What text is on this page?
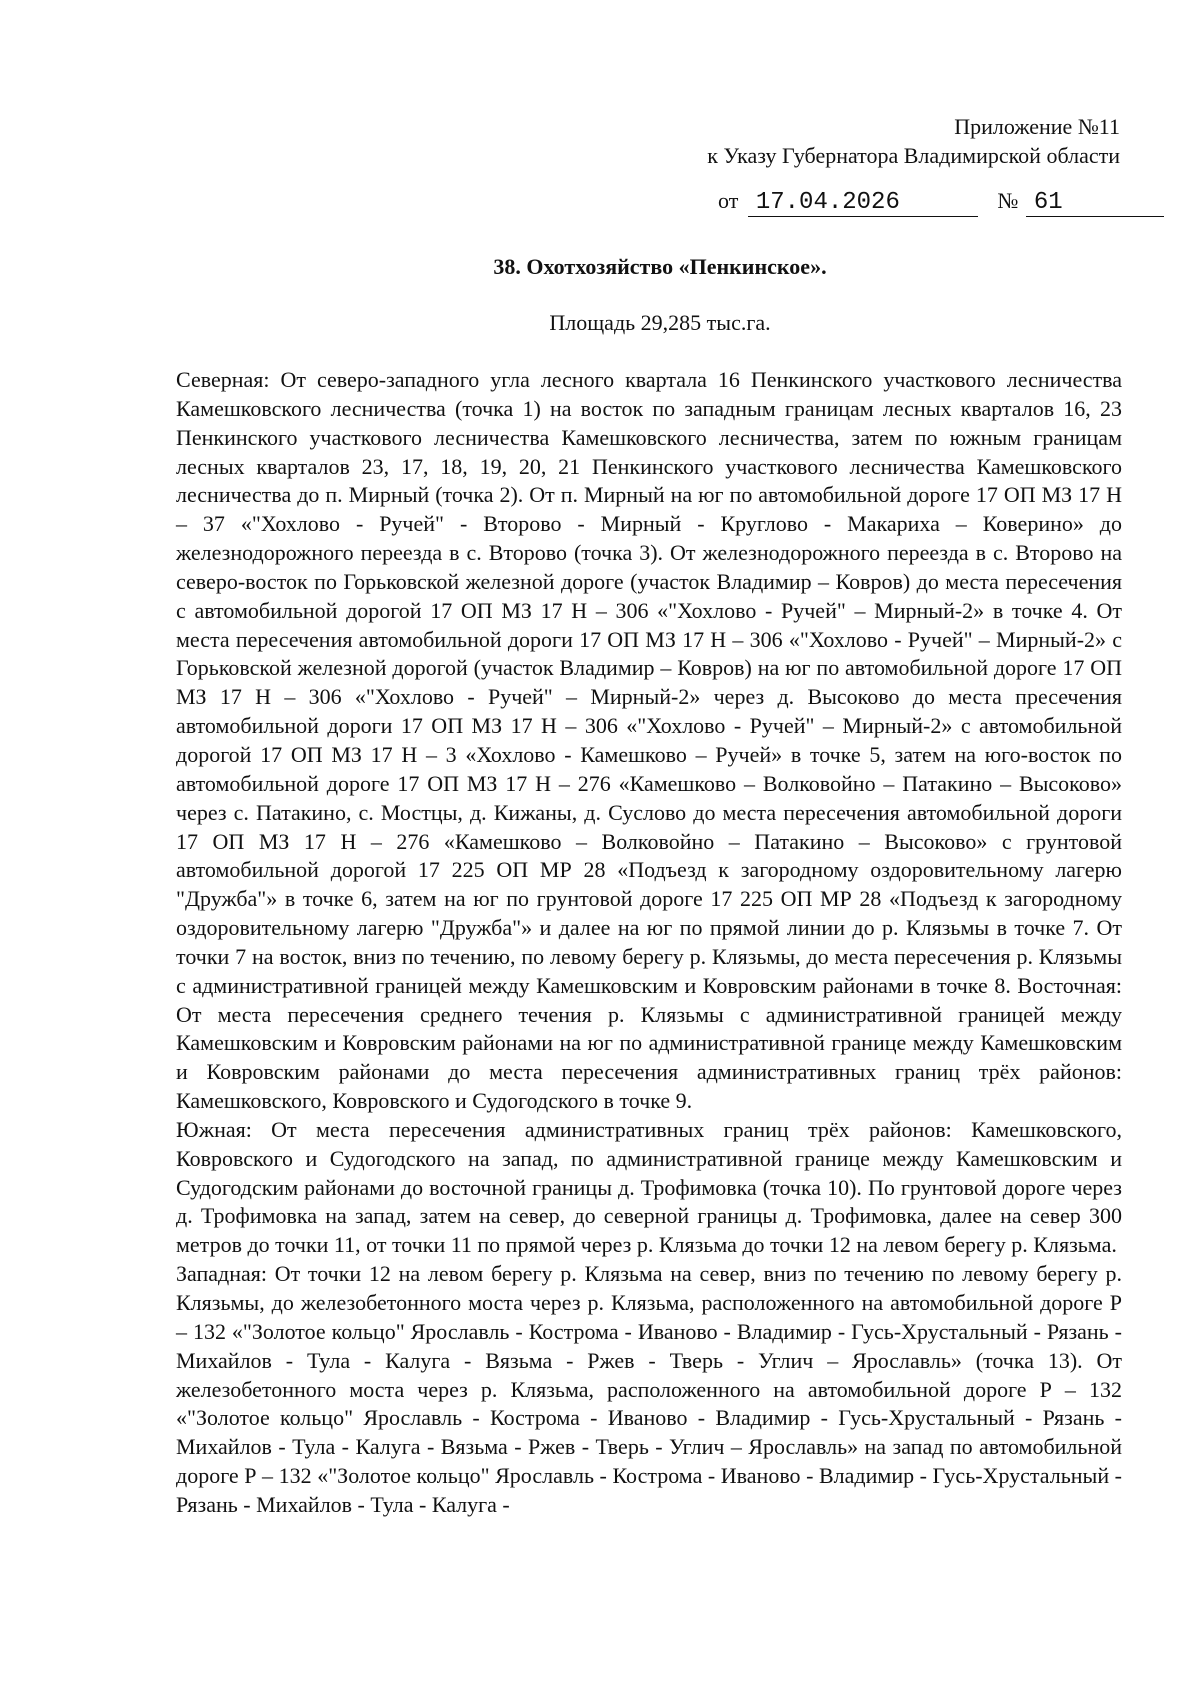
Приложение №11
к Указу Губернатора Владимирской области
от 17.04.2026	№ 61
38. Охотхозяйство «Пенкинское».
Площадь 29,285 тыс.га.

Северная: От северо-западного угла лесного квартала 16 Пенкинского участкового лесничества Камешковского лесничества (точка 1) на восток по западным границам лесных кварталов 16, 23 Пенкинского участкового лесничества Камешковского лесничества, затем по южным границам лесных кварталов 23, 17, 18, 19, 20, 21 Пенкинского участкового лесничества Камешковского лесничества до п. Мирный (точка 2). От п. Мирный на юг по автомобильной дороге 17 ОП МЗ 17 Н – 37 «"Хохлово - Ручей" - Второво - Мирный - Круглово - Макариха – Коверино» до железнодорожного переезда в с. Второво (точка 3). От железнодорожного переезда в с. Второво на северо-восток по Горьковской железной дороге (участок Владимир – Ковров) до места пересечения с автомобильной дорогой 17 ОП МЗ 17 Н – 306 «"Хохлово - Ручей" – Мирный-2» в точке 4. От места пересечения автомобильной дороги 17 ОП МЗ 17 Н – 306 «"Хохлово - Ручей" – Мирный-2» с Горьковской железной дорогой (участок Владимир – Ковров) на юг по автомобильной дороге 17 ОП МЗ 17 Н – 306 «"Хохлово - Ручей" – Мирный-2» через д. Высоково до места пресечения автомобильной дороги 17 ОП МЗ 17 Н – 306 «"Хохлово - Ручей" – Мирный-2» с автомобильной дорогой 17 ОП МЗ 17 Н – 3 «Хохлово - Камешково – Ручей» в точке 5, затем на юго-восток по автомобильной дороге 17 ОП МЗ 17 Н – 276 «Камешково – Волковойно – Патакино – Высоково» через с. Патакино, с. Мостцы, д. Кижаны, д. Суслово до места пересечения автомобильной дороги 17 ОП МЗ 17 Н – 276 «Камешково – Волковойно – Патакино – Высоково» с грунтовой автомобильной дорогой 17 225 ОП МР 28 «Подъезд к загородному оздоровительному лагерю "Дружба"» в точке 6, затем на юг по грунтовой дороге 17 225 ОП МР 28 «Подъезд к загородному оздоровительному лагерю "Дружба"» и далее на юг по прямой линии до р. Клязьмы в точке 7. От точки 7 на восток, вниз по течению, по левому берегу р. Клязьмы, до места пересечения р. Клязьмы с административной границей между Камешковским и Ковровским районами в точке 8. Восточная: От места пересечения среднего течения р. Клязьмы с административной границей между Камешковским и Ковровским районами на юг по административной границе между Камешковским и Ковровским районами до места пересечения административных границ трёх районов: Камешковского, Ковровского и Судогодского в точке 9.

Южная: От места пересечения административных границ трёх районов: Камешковского, Ковровского и Судогодского на запад, по административной границе между Камешковским и Судогодским районами до восточной границы д. Трофимовка (точка 10). По грунтовой дороге через д. Трофимовка на запад, затем на север, до северной границы д. Трофимовка, далее на север 300 метров до точки 11, от точки 11 по прямой через р. Клязьма до точки 12 на левом берегу р. Клязьма.

Западная: От точки 12 на левом берегу р. Клязьма на север, вниз по течению по левому берегу р. Клязьмы, до железобетонного моста через р. Клязьма, расположенного на автомобильной дороге Р – 132 «"Золотое кольцо" Ярославль - Кострома - Иваново - Владимир - Гусь-Хрустальный - Рязань - Михайлов - Тула - Калуга - Вязьма - Ржев - Тверь - Углич – Ярославль» (точка 13). От железобетонного моста через р. Клязьма, расположенного на автомобильной дороге Р – 132 «"Золотое кольцо" Ярославль - Кострома - Иваново - Владимир - Гусь-Хрустальный - Рязань - Михайлов - Тула - Калуга - Вязьма - Ржев - Тверь - Углич – Ярославль» на запад по автомобильной дороге Р – 132 «"Золотое кольцо" Ярославль - Кострома - Иваново - Владимир - Гусь-Хрустальный - Рязань - Михайлов - Тула - Калуга -
